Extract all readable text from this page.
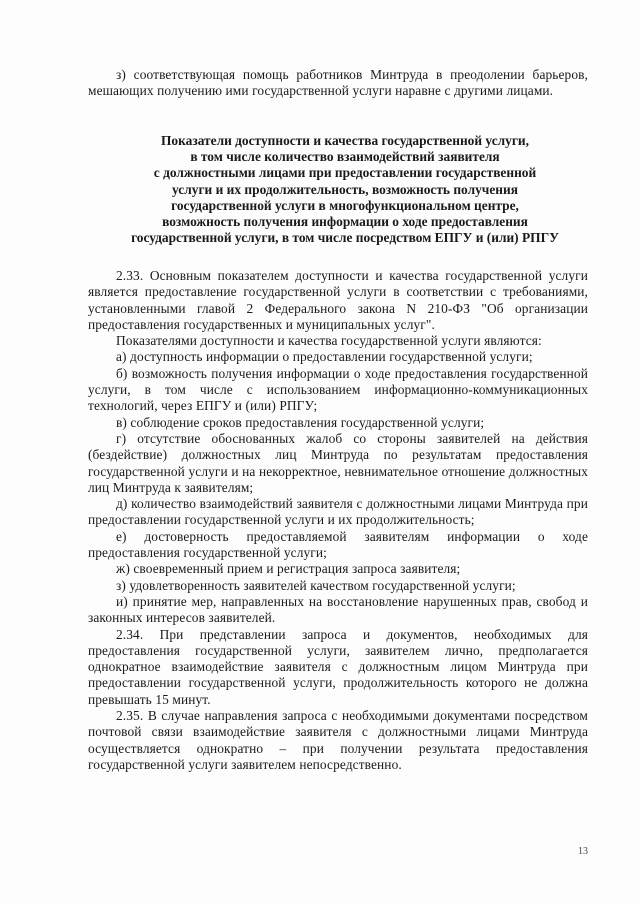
з) соответствующая помощь работников Минтруда в преодолении барьеров, мешающих получению ими государственной услуги наравне с другими лицами.

Показатели доступности и качества государственной услуги,
в том числе количество взаимодействий заявителя
с должностными лицами при предоставлении государственной
услуги и их продолжительность, возможность получения
государственной услуги в многофункциональном центре,
возможность получения информации о ходе предоставления
государственной услуги, в том числе посредством ЕПГУ и (или) РПГУ

2.33. Основным показателем доступности и качества государственной услуги является предоставление государственной услуги в соответствии с требованиями, установленными главой 2 Федерального закона N 210-ФЗ "Об организации предоставления государственных и муниципальных услуг".

Показателями доступности и качества государственной услуги являются:

а) доступность информации о предоставлении государственной услуги;

б) возможность получения информации о ходе предоставления государственной услуги, в том числе с использованием информационно-коммуникационных технологий, через ЕПГУ и (или) РПГУ;

в) соблюдение сроков предоставления государственной услуги;

г) отсутствие обоснованных жалоб со стороны заявителей на действия (бездействие) должностных лиц Минтруда по результатам предоставления государственной услуги и на некорректное, невнимательное отношение должностных лиц Минтруда к заявителям;

д) количество взаимодействий заявителя с должностными лицами Минтруда при предоставлении государственной услуги и их продолжительность;

е) достоверность предоставляемой заявителям информации о ходе предоставления государственной услуги;

ж) своевременный прием и регистрация запроса заявителя;

з) удовлетворенность заявителей качеством государственной услуги;

и) принятие мер, направленных на восстановление нарушенных прав, свобод и законных интересов заявителей.

2.34. При представлении запроса и документов, необходимых для предоставления государственной услуги, заявителем лично, предполагается однократное взаимодействие заявителя с должностным лицом Минтруда при предоставлении государственной услуги, продолжительность которого не должна превышать 15 минут.

2.35. В случае направления запроса с необходимыми документами посредством почтовой связи взаимодействие заявителя с должностными лицами Минтруда осуществляется однократно – при получении результата предоставления государственной услуги заявителем непосредственно.

13
